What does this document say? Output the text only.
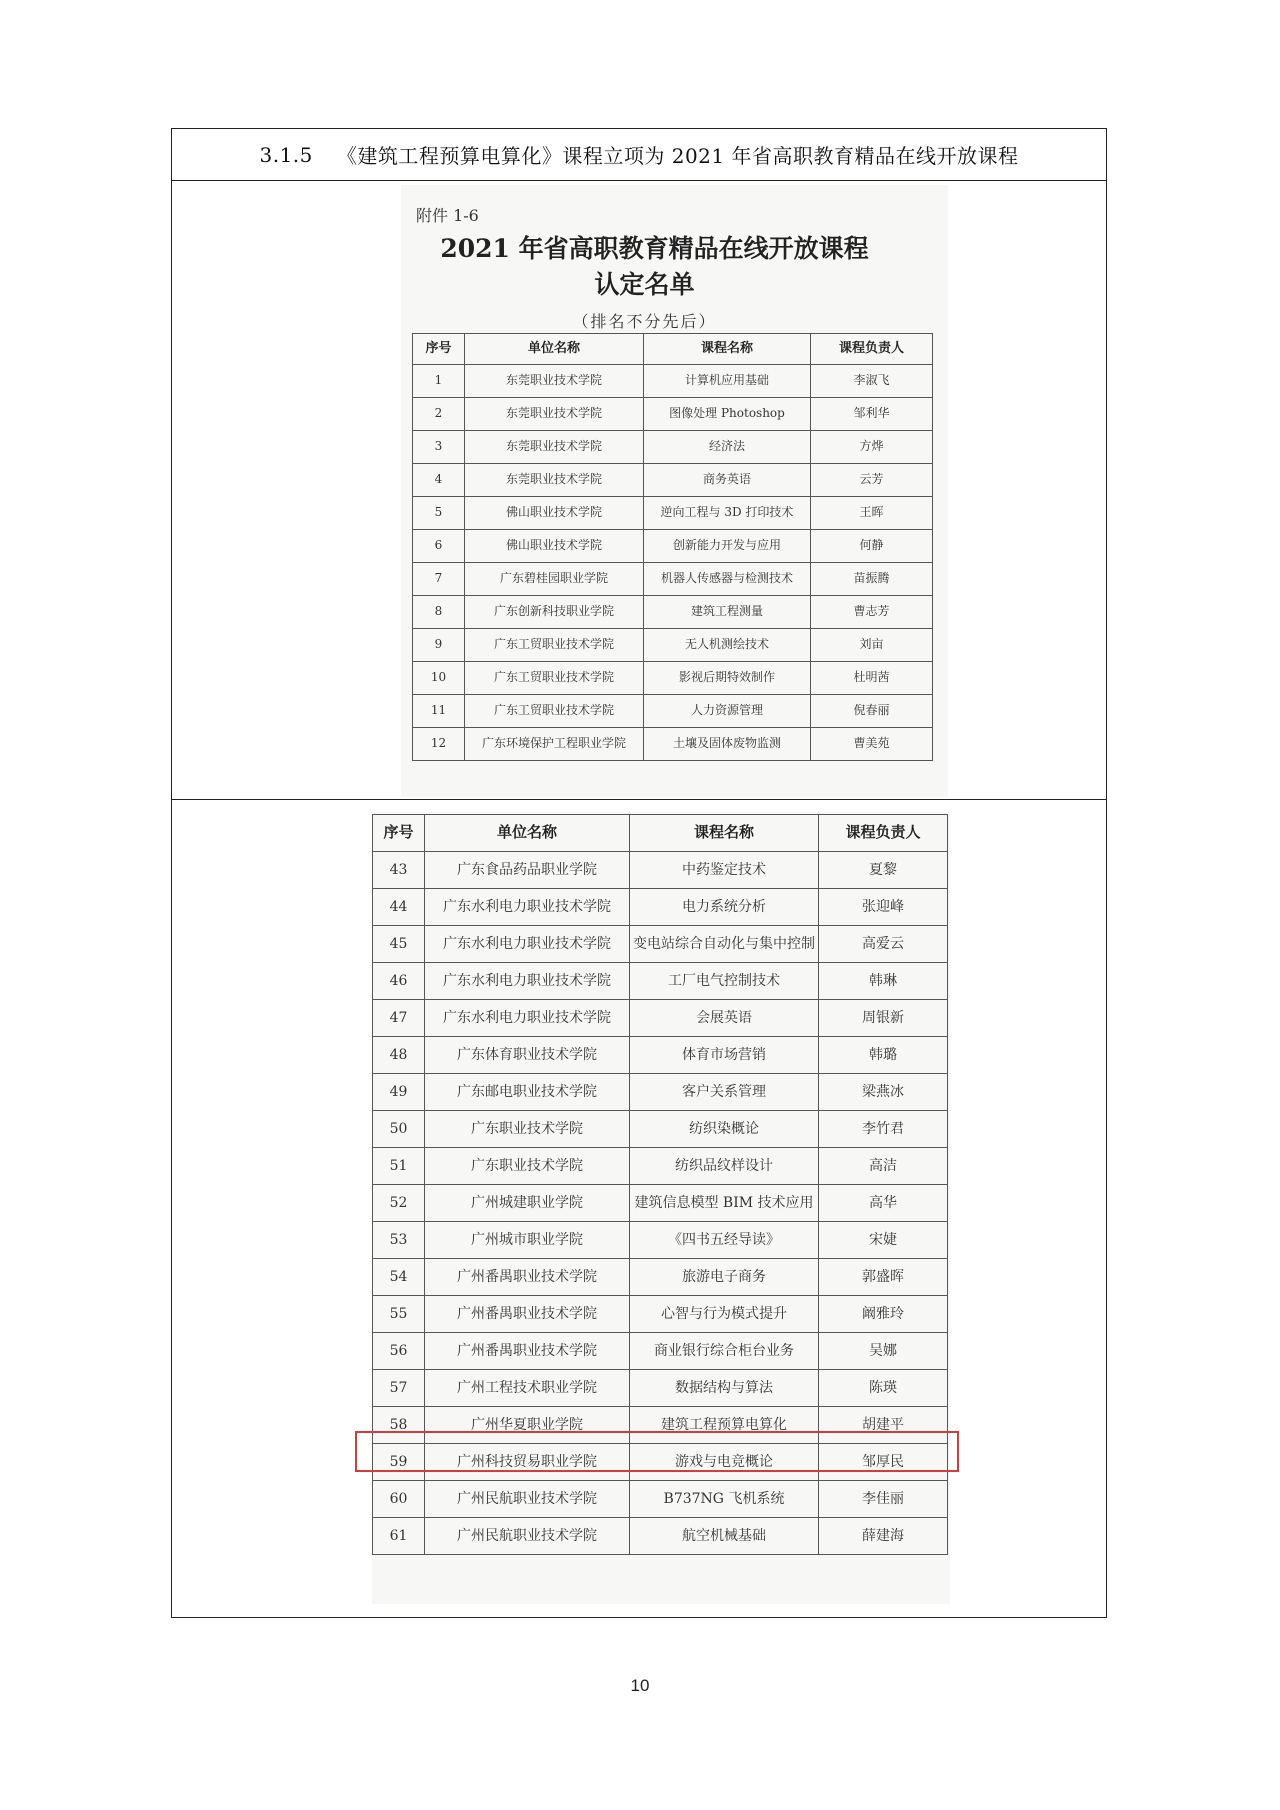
3.1.5 《建筑工程预算电算化》课程立项为 2021 年省高职教育精品在线开放课程
附件 1-6
2021 年省高职教育精品在线开放课程
认定名单
（排名不分先后）
序号	单位名称	课程名称	课程负责人
1	东莞职业技术学院	计算机应用基础	李淑飞
2	东莞职业技术学院	图像处理 Photoshop	邹利华
3	东莞职业技术学院	经济法	方烨
4	东莞职业技术学院	商务英语	云芳
5	佛山职业技术学院	逆向工程与 3D 打印技术	王晖
6	佛山职业技术学院	创新能力开发与应用	何静
7	广东碧桂园职业学院	机器人传感器与检测技术	苗振腾
8	广东创新科技职业学院	建筑工程测量	曹志芳
9	广东工贸职业技术学院	无人机测绘技术	刘亩
10	广东工贸职业技术学院	影视后期特效制作	杜明茜
11	广东工贸职业技术学院	人力资源管理	倪春丽
12	广东环境保护工程职业学院	土壤及固体废物监测	曹美苑
序号	单位名称	课程名称	课程负责人
43	广东食品药品职业学院	中药鉴定技术	夏黎
44	广东水利电力职业技术学院	电力系统分析	张迎峰
45	广东水利电力职业技术学院	变电站综合自动化与集中控制	高爱云
46	广东水利电力职业技术学院	工厂电气控制技术	韩琳
47	广东水利电力职业技术学院	会展英语	周银新
48	广东体育职业技术学院	体育市场营销	韩璐
49	广东邮电职业技术学院	客户关系管理	梁燕冰
50	广东职业技术学院	纺织染概论	李竹君
51	广东职业技术学院	纺织品纹样设计	高洁
52	广州城建职业学院	建筑信息模型 BIM 技术应用	高华
53	广州城市职业学院	《四书五经导读》	宋婕
54	广州番禺职业技术学院	旅游电子商务	郭盛晖
55	广州番禺职业技术学院	心智与行为模式提升	阚雅玲
56	广州番禺职业技术学院	商业银行综合柜台业务	吴娜
57	广州工程技术职业学院	数据结构与算法	陈瑛
58	广州华夏职业学院	建筑工程预算电算化	胡建平
59	广州科技贸易职业学院	游戏与电竞概论	邹厚民
60	广州民航职业技术学院	B737NG 飞机系统	李佳丽
61	广州民航职业技术学院	航空机械基础	薛建海
10
